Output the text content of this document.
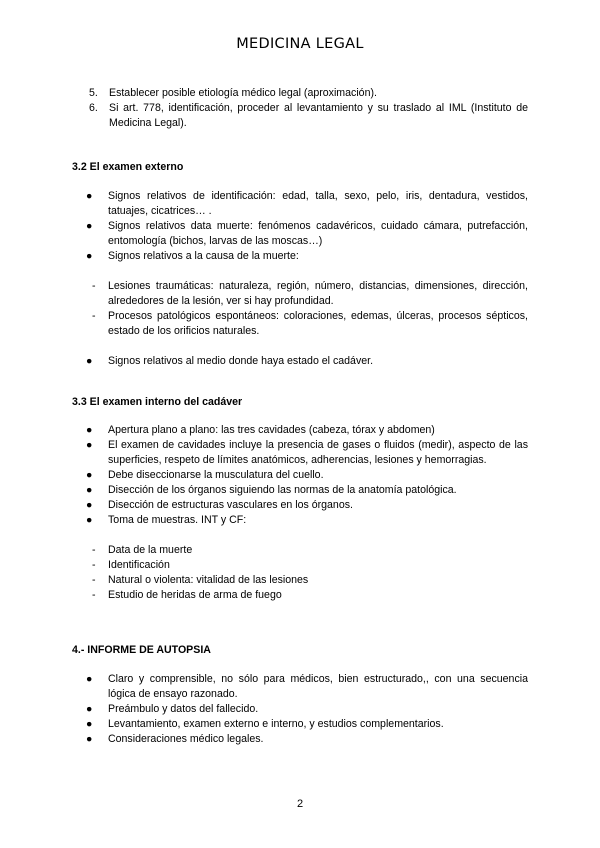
MEDICINA LEGAL
5.	Establecer posible etiología médico legal (aproximación).
6.	Si art. 778, identificación, proceder al levantamiento y su traslado al IML (Instituto de Medicina Legal).
3.2 El examen externo
●	Signos relativos de identificación: edad, talla, sexo, pelo, iris, dentadura, vestidos, tatuajes, cicatrices… .
●	Signos relativos data muerte: fenómenos cadavéricos, cuidado cámara, putrefacción, entomología (bichos, larvas de las moscas…)
●	Signos relativos a la causa de la muerte:
-	Lesiones traumáticas: naturaleza, región, número, distancias, dimensiones, dirección, alrededores de la lesión, ver si hay profundidad.
-	Procesos patológicos espontáneos: coloraciones, edemas, úlceras, procesos sépticos, estado de los orificios naturales.
●	Signos relativos al medio donde haya estado el cadáver.
3.3 El examen interno del cadáver
●	Apertura plano a plano: las tres cavidades (cabeza, tórax y abdomen)
●	El examen de cavidades incluye la presencia de gases o fluidos (medir), aspecto de las superficies, respeto de límites anatómicos, adherencias, lesiones y hemorragias.
●	Debe diseccionarse la musculatura del cuello.
●	Disección de los órganos siguiendo las normas de la anatomía patológica.
●	Disección de estructuras vasculares en los órganos.
●	Toma de muestras. INT y CF:
-	Data de la muerte
-	Identificación
-	Natural o violenta: vitalidad de las lesiones
-	Estudio de heridas de arma de fuego
4.- INFORME DE AUTOPSIA
●	Claro y comprensible, no sólo para médicos, bien estructurado,, con una secuencia lógica de ensayo razonado.
●	Preámbulo y datos del fallecido.
●	Levantamiento, examen externo e interno, y estudios complementarios.
●	Consideraciones médico legales.
2
